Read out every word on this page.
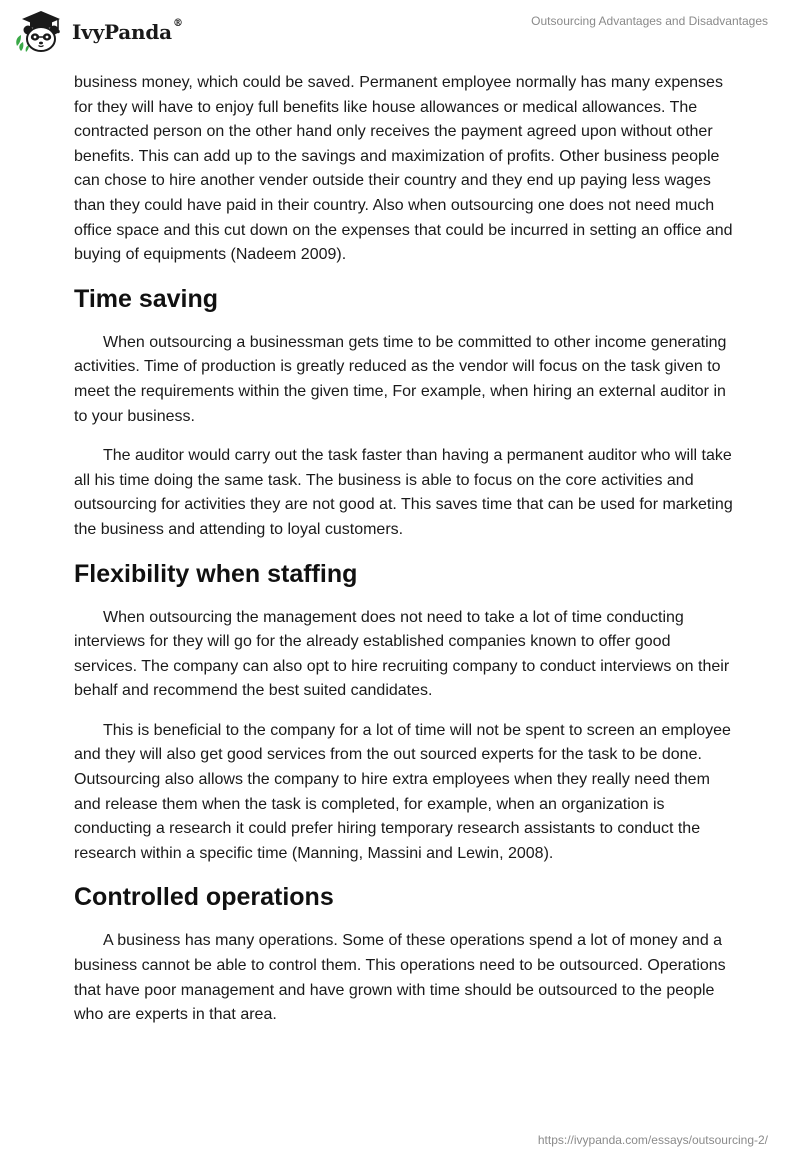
IvyPanda®	Outsourcing Advantages and Disadvantages

business money, which could be saved. Permanent employee normally has many expenses for they will have to enjoy full benefits like house allowances or medical allowances. The contracted person on the other hand only receives the payment agreed upon without other benefits. This can add up to the savings and maximization of profits. Other business people can chose to hire another vender outside their country and they end up paying less wages than they could have paid in their country. Also when outsourcing one does not need much office space and this cut down on the expenses that could be incurred in setting an office and buying of equipments (Nadeem 2009).

Time saving

When outsourcing a businessman gets time to be committed to other income generating activities. Time of production is greatly reduced as the vendor will focus on the task given to meet the requirements within the given time, For example, when hiring an external auditor in to your business.

The auditor would carry out the task faster than having a permanent auditor who will take all his time doing the same task. The business is able to focus on the core activities and outsourcing for activities they are not good at. This saves time that can be used for marketing the business and attending to loyal customers.

Flexibility when staffing

When outsourcing the management does not need to take a lot of time conducting interviews for they will go for the already established companies known to offer good services. The company can also opt to hire recruiting company to conduct interviews on their behalf and recommend the best suited candidates.

This is beneficial to the company for a lot of time will not be spent to screen an employee and they will also get good services from the out sourced experts for the task to be done. Outsourcing also allows the company to hire extra employees when they really need them and release them when the task is completed, for example, when an organization is conducting a research it could prefer hiring temporary research assistants to conduct the research within a specific time (Manning, Massini and Lewin, 2008).

Controlled operations

A business has many operations. Some of these operations spend a lot of money and a business cannot be able to control them. This operations need to be outsourced. Operations that have poor management and have grown with time should be outsourced to the people who are experts in that area.

https://ivypanda.com/essays/outsourcing-2/
